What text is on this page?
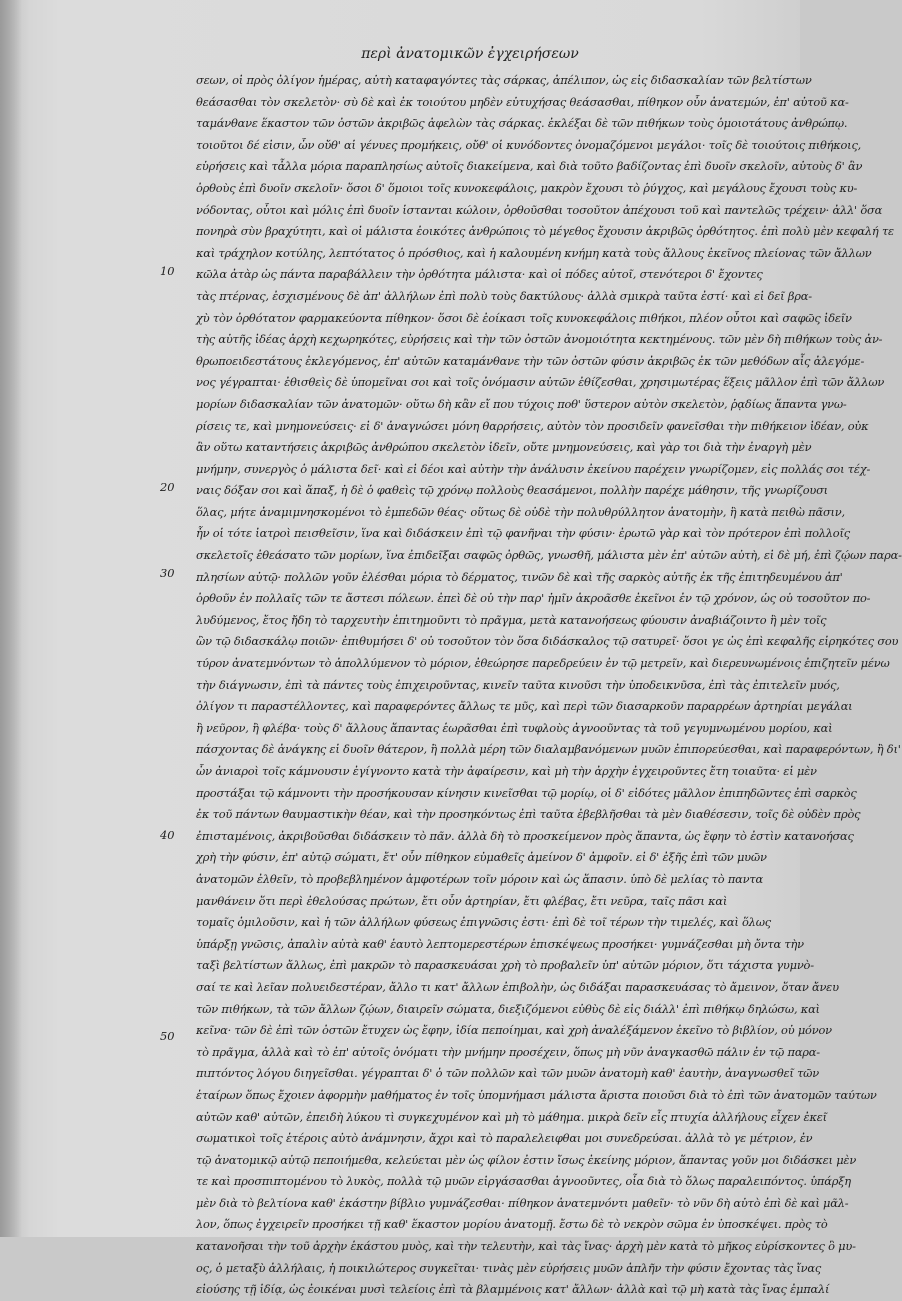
περὶ ἀνατομικῶν ἐγχειρήσεων
10
20
30
40
50
σεων, οἱ πρὸς ὀλίγον ἡμέρας, αὐτὴ καταφαγόντες τὰς σάρκας, ἀπέλιπον, ὡς εἰς διδασκαλίαν τῶν βελτίστων
θεάσασθαι τὸν σκελετὸν· σὺ δὲ καὶ ἐκ τοιούτου μηδὲν εὐτυχήσας θεάσασθαι, πίθηκον οὖν ἀνατεμών, ἐπ' αὐτοῦ κα-
ταμάνθανε ἕκαστον τῶν ὀστῶν ἀκριβῶς ἀφελὼν τὰς σάρκας. ἐκλέξαι δὲ τῶν πιθήκων τοὺς ὁμοιοτάτους ἀνθρώπῳ.
τοιοῦτοι δέ εἰσιν, ὧν οὔθ' αἱ γένυες προμήκεις, οὔθ' οἱ κυνόδοντες ὀνομαζόμενοι μεγάλοι· τοῖς δὲ τοιούτοις πιθήκοις,
εὑρήσεις καὶ τἆλλα μόρια παραπλησίως αὐτοῖς διακείμενα, καὶ διὰ τοῦτο βαδίζοντας ἐπὶ δυοῖν σκελοῖν, αὐτοὺς δ' ἂν
ὀρθοὺς ἐπὶ δυοῖν σκελοῖν· ὅσοι δ' ὅμοιοι τοῖς κυνοκεφάλοις, μακρὸν ἔχουσι τὸ ῥύγχος, καὶ μεγάλους ἔχουσι τοὺς κυ-
νόδοντας, οὗτοι καὶ μόλις ἐπὶ δυοῖν ἱστανται κώλοιν, ὀρθοῦσθαι τοσοῦτον ἀπέχουσι τοῦ καὶ παντελῶς τρέχειν· ἀλλ' ὅσα
πονηρὰ σὺν βραχύτητι, καὶ οἱ μάλιστα ἐοικότες ἀνθρώποις τὸ μέγεθος ἔχουσιν ἀκριβῶς ὀρθότητος. ἐπὶ πολὺ μὲν κεφαλή τε
καὶ τράχηλον κοτύλης, λεπτότατος ὁ πρόσθιος, καὶ ἡ καλουμένη κνήμη κατὰ τοὺς ἄλλους ἐκεῖνος πλείονας τῶν ἄλλων
κῶλα ἀτὰρ ὡς πάντα παραβάλλειν τὴν ὀρθότητα μάλιστα· καὶ οἱ πόδες αὐτοῖ, στενότεροι δ' ἔχοντες
τὰς πτέρνας, ἐσχισμένους δὲ ἀπ' ἀλλήλων ἐπὶ πολὺ τοὺς δακτύλους· ἀλλὰ σμικρὰ ταῦτα ἐστί· καὶ εἰ δεῖ βρα-
χὺ τὸν ὀρθότατον φαρμακεύοντα πίθηκον· ὅσοι δὲ ἐοίκασι τοῖς κυνοκεφάλοις πιθήκοι, πλέον οὗτοι καὶ σαφῶς ἰδεῖν
τὴς αὐτῆς ἰδέας ἀρχὴ κεχωρηκότες, εὑρήσεις καὶ τὴν τῶν ὀστῶν ἀνομοιότητα κεκτημένους. τῶν μὲν δὴ πιθήκων τοὺς ἀν-
θρωποειδεστάτους ἐκλεγόμενος, ἐπ' αὐτῶν καταμάνθανε τὴν τῶν ὀστῶν φύσιν ἀκριβῶς ἐκ τῶν μεθόδων αἷς ἀλεγόμε-
νος γέγραπται· ἐθισθεὶς δὲ ὑπομεῖναι σοι καὶ τοῖς ὀνόμασιν αὐτῶν ἐθίζεσθαι, χρησιμωτέρας ἕξεις μᾶλλον ἐπὶ τῶν ἄλλων
μορίων διδασκαλίαν τῶν ἀνατομῶν· οὕτω δὴ κἂν εἴ που τύχοις ποθ' ὕστερον αὐτὸν σκελετὸν, ῥᾳδίως ἅπαντα γνω-
ρίσεις τε, καὶ μνημονεύσεις· εἰ δ' ἀναγνώσει μόνη θαρρήσεις, αὐτὸν τὸν προσιδεῖν φανεῖσθαι τὴν πιθήκειον ἰδέαν, οὐκ
ἂν οὕτω καταντήσεις ἀκριβῶς ἀνθρώπου σκελετὸν ἰδεῖν, οὔτε μνημονεύσεις, καὶ γὰρ τοι διὰ τὴν ἐναργὴ μὲν
μνήμην, συνεργὸς ὁ μάλιστα δεῖ· καὶ εἰ δέοι καὶ αὐτὴν τὴν ἀνάλυσιν ἐκείνου παρέχειν γνωρίζομεν, εἰς πολλάς σοι τέχ-
ναις δόξαν σοι καὶ ἅπαξ, ἡ δὲ ὁ φαθεὶς τῷ χρόνῳ πολλοὺς θεασάμενοι, πολλὴν παρέχε μάθησιν, τῆς γνωρίζουσι
ὅλας, μήτε ἀναμιμνησκομένοι τὸ ἐμπεδῶν θέας· οὕτως δὲ οὐδὲ τὴν πολυθρύλλητον ἀνατομὴν, ἣ κατὰ πειθὼ πᾶσιν,
ἦν οἱ τότε ἰατροὶ πεισθεῖσιν, ἵνα καὶ διδάσκειν ἐπὶ τῷ φανῆναι τὴν φύσιν· ἐρωτῶ γὰρ καὶ τὸν πρότερον ἐπὶ πολλοῖς
σκελετοῖς ἐθεάσατο τῶν μορίων, ἵνα ἐπιδεῖξαι σαφῶς ὀρθῶς, γνωσθῆ, μάλιστα μὲν ἐπ' αὐτῶν αὐτὴ, εἰ δὲ μή, ἐπὶ ζῴων παρα-
πλησίων αὐτῷ· πολλῶν γοῦν ἑλέσθαι μόρια τὸ δέρματος, τινῶν δὲ καὶ τῆς σαρκὸς αὐτῆς ἐκ τῆς ἐπιτηδευμένου ἀπ'
ὀρθοῦν ἐν πολλαῖς τῶν τε ἄστεσι πόλεων. ἐπεὶ δὲ οὐ τὴν παρ' ἡμῖν ἀκροᾶσθε ἐκεῖνοι ἐν τῷ χρόνον, ὡς οὐ τοσοῦτον πο-
λυδύμενος, ἔτος ἤδη τὸ ταρχευτὴν ἐπιτημοῦντι τὸ πρᾶγμα, μετὰ κατανοήσεως φύουσιν ἀναβιάζοιντο ἣ μὲν τοῖς
ὢν τῷ διδασκάλῳ ποιῶν· ἐπιθυμήσει δ' οὐ τοσοῦτον τὸν ὅσα διδάσκαλος τῷ σατυρεῖ· ὅσοι γε ὡς ἐπὶ κεφαλῆς εἰρηκότες σου
τύρον ἀνατεμνόντων τὸ ἀπολλύμενον τὸ μόριον, ἐθεώρησε παρεδρεύειν ἐν τῷ μετρεῖν, καὶ διερευνωμένοις ἐπιζητεῖν μένω
τὴν διάγνωσιν, ἐπὶ τὰ πάντες τοὺς ἐπιχειροῦντας, κινεῖν ταῦτα κινοῦσι τὴν ὑποδεικνῦσα, ἐπὶ τὰς ἐπιτελεῖν μυός,
ὀλίγον τι παραστέλλοντες, καὶ παραφερόντες ἄλλως τε μῦς, καὶ περὶ τῶν διασαρκοῦν παραρρέων ἀρτηρίαι μεγάλαι
ἢ νεῦρον, ἢ φλέβα· τοὺς δ' ἄλλους ἅπαντας ἑωρᾶσθαι ἐπὶ τυφλοὺς ἀγνοοῦντας τὰ τοῦ γεγυμνωμένου μορίου, καὶ
πάσχοντας δὲ ἀνάγκης εἰ δυοῖν θάτερον, ἢ πολλὰ μέρη τῶν διαλαμβανόμενων μυῶν ἐπιπορεύεσθαι, καὶ παραφερόντων, ἢ δι'
ὧν ἀνιαροὶ τοῖς κάμνουσιν ἐγίγνοντο κατὰ τὴν ἀφαίρεσιν, καὶ μὴ τὴν ἀρχὴν ἐγχειροῦντες ἔτη τοιαῦτα· εἰ μὲν
προστάξαι τῷ κάμνοντι τὴν προσήκουσαν κίνησιν κινεῖσθαι τῷ μορίῳ, οἱ δ' εἰδότες μᾶλλον ἐπιπηδῶντες ἐπὶ σαρκὸς
ἐκ τοῦ πάντων θαυμαστικὴν θέαν, καὶ τὴν προσηκόντως ἐπὶ ταῦτα ἐβεβλῆσθαι τὰ μὲν διαθέσεσιν, τοῖς δὲ οὐδὲν πρὸς
ἐπισταμένοις, ἀκριβοῦσθαι διδάσκειν τὸ πᾶν. ἀλλὰ δὴ τὸ προσκείμενον πρὸς ἅπαντα, ὡς ἔφην τὸ ἐστὶν κατανοήσας
χρὴ τὴν φύσιν, ἐπ' αὐτῷ σώματι, ἔτ' οὖν πίθηκον εὐμαθεῖς ἀμείνον δ' ἀμφοῖν. εἰ δ' ἐξῆς ἐπὶ τῶν μυῶν
ἀνατομῶν ἐλθεῖν, τὸ προβεβλημένον ἀμφοτέρων τοῖν μόροιν καὶ ὡς ἅπασιν. ὑπὸ δὲ μελίας τὸ παντα
μανθάνειν ὅτι περὶ ἐθελούσας πρώτων, ἔτι οὖν ἀρτηρίαν, ἔτι φλέβας, ἔτι νεῦρα, ταῖς πᾶσι καὶ
τομαῖς ὁμιλοῦσιν, καὶ ἡ τῶν ἀλλήλων φύσεως ἐπιγνῶσις ἐστι· ἐπὶ δὲ τοῖ τέρων τὴν τιμελές, καὶ ὅλως
ὑπάρξῃ γνῶσις, ἀπαλὶν αὐτὰ καθ' ἑαυτὸ λεπτομερεστέρων ἐπισκέψεως προσήκει· γυμνάζεσθαι μὴ ὄντα τὴν
ταξὶ βελτίστων ἄλλως, ἐπὶ μακρῶν τὸ παρασκευάσαι χρὴ τὸ προβαλεῖν ὑπ' αὐτῶν μόριον, ὅτι τάχιστα γυμνὸ-
σαί τε καὶ λεῖαν πολυειδεστέραν, ἄλλο τι κατ' ἄλλων ἐπιβολὴν, ὡς διδάξαι παρασκευάσας τὸ ἄμεινον, ὅταν ἄνευ
τῶν πιθήκων, τὰ τῶν ἄλλων ζῴων, διαιρεῖν σώματα, διεξιζόμενοι εὐθὺς δὲ εἰς διάλλ' ἐπὶ πιθήκῳ δηλώσω, καὶ
κεῖνα· τῶν δὲ ἐπὶ τῶν ὀστῶν ἔτυχεν ὡς ἔφην, ἰδία πεποίημαι, καὶ χρὴ ἀναλέξάμενον ἐκεῖνο τὸ βιβλίον, οὐ μόνον
τὸ πρᾶγμα, ἀλλὰ καὶ τὸ ἐπ' αὐτοῖς ὀνόματι τὴν μνήμην προσέχειν, ὅπως μὴ νῦν ἀναγκασθῶ πάλιν ἐν τῷ παρα-
πιπτόντος λόγου διηγεῖσθαι. γέγραπται δ' ὁ τῶν πολλῶν καὶ τῶν μυῶν ἀνατομὴ καθ' ἑαυτὴν, ἀναγνωσθεῖ τῶν
ἑταίρων ὅπως ἔχοιεν ἀφορμὴν μαθήματος ἐν τοῖς ὑπομνήμασι μάλιστα ἄριστα ποιοῦσι διὰ τὸ ἐπὶ τῶν ἀνατομῶν ταύτων
αὐτῶν καθ' αὐτῶν, ἐπειδὴ λύκου τὶ συγκεχυμένον καὶ μὴ τὸ μάθημα. μικρὰ δεῖν εἶς πτυχία ἀλλήλους εἶχεν ἐκεῖ
σωματικοὶ τοῖς ἑτέροις αὐτὸ ἀνάμνησιν, ἄχρι καὶ τὸ παραλελειφθαι μοι συνεδρεύσαι. ἀλλὰ τὸ γε μέτριον, ἐν
τῷ ἀνατομικῷ αὐτῷ πεποιήμεθα, κελεύεται μὲν ὡς φίλον ἐστιν ἴσως ἐκείνης μόριον, ἅπαντας γοῦν μοι διδάσκει μὲν
τε καὶ προσπιπτομένου τὸ λυκὸς, πολλὰ τῷ μυῶν εἰργάσασθαι ἀγνοοῦντες, οἷα διὰ τὸ ὅλως παραλειπόντος. ὑπάρξη
μὲν διὰ τὸ βελτίονα καθ' ἑκάστην βίβλιο γυμνάζεσθαι· πίθηκον ἀνατεμνόντι μαθεῖν· τὸ νῦν δὴ αὐτὸ ἐπὶ δὲ καὶ μᾶλ-
λον, ὅπως ἐγχειρεῖν προσήκει τῇ καθ' ἕκαστον μορίου ἀνατομῇ. ἔστω δὲ τὸ νεκρὸν σῶμα ἐν ὑποσκέψει. πρὸς τὸ
κατανοῆσαι τὴν τοῦ ἀρχὴν ἑκάστου μυὸς, καὶ τὴν τελευτὴν, καὶ τὰς ἴνας· ἀρχὴ μὲν κατὰ τὸ μῆκος εὑρίσκοντες ὃ μυ-
ος, ὁ μεταξὺ ἀλλήλαις, ἡ ποικιλώτερος συγκεῖται· τινὰς μὲν εὑρήσεις μυῶν ἁπλῆν τὴν φύσιν ἔχοντας τὰς ἴνας
εἰούσης τῇ ἰδίᾳ, ὡς ἐοικέναι μυσὶ τελείοις ἐπὶ τὰ βλαμμένοις κατ' ἄλλων· ἀλλὰ καὶ τῷ μὴ κατὰ τὰς ἴνας ἐμπαλί
